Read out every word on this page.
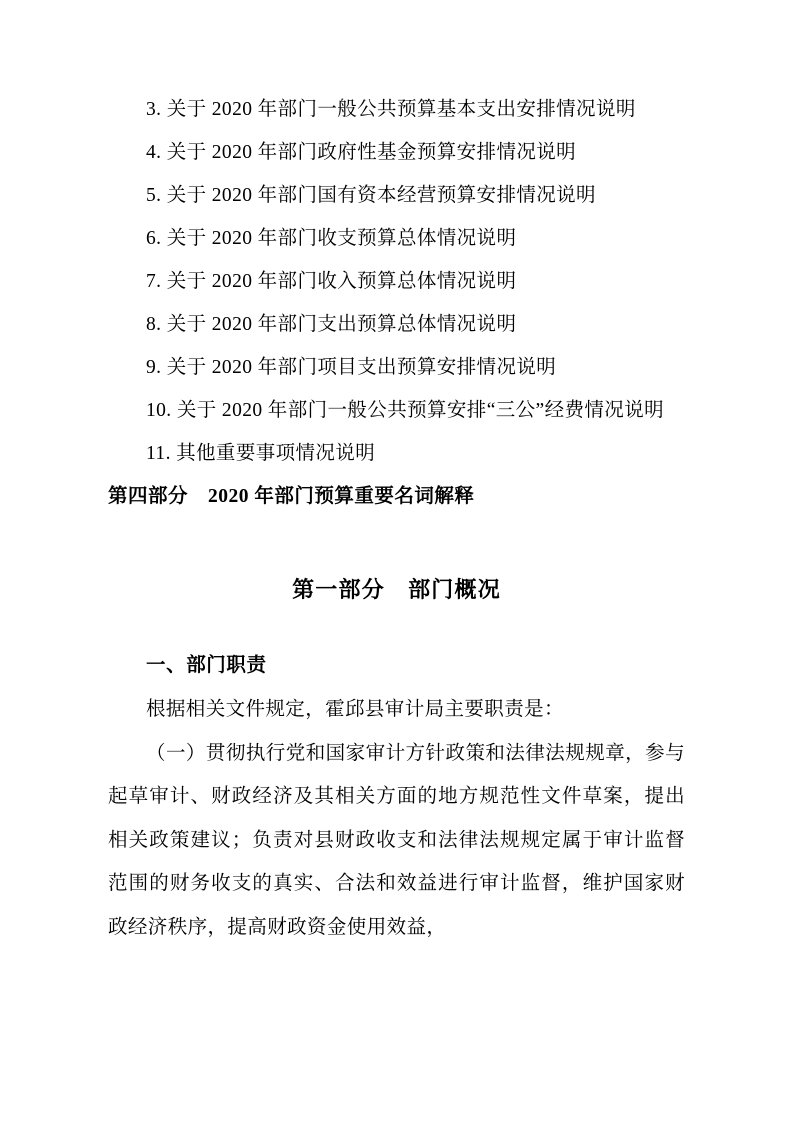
3. 关于 2020 年部门一般公共预算基本支出安排情况说明
4. 关于 2020 年部门政府性基金预算安排情况说明
5. 关于 2020 年部门国有资本经营预算安排情况说明
6. 关于 2020 年部门收支预算总体情况说明
7. 关于 2020 年部门收入预算总体情况说明
8. 关于 2020 年部门支出预算总体情况说明
9. 关于 2020 年部门项目支出预算安排情况说明
10. 关于 2020 年部门一般公共预算安排“三公”经费情况说明
11. 其他重要事项情况说明

第四部分　2020 年部门预算重要名词解释

第一部分　部门概况
一、部门职责

根据相关文件规定，霍邱县审计局主要职责是：

（一）贯彻执行党和国家审计方针政策和法律法规规章，参与起草审计、财政经济及其相关方面的地方规范性文件草案，提出相关政策建议；负责对县财政收支和法律法规规定属于审计监督范围的财务收支的真实、合法和效益进行审计监督，维护国家财政经济秩序，提高财政资金使用效益，
